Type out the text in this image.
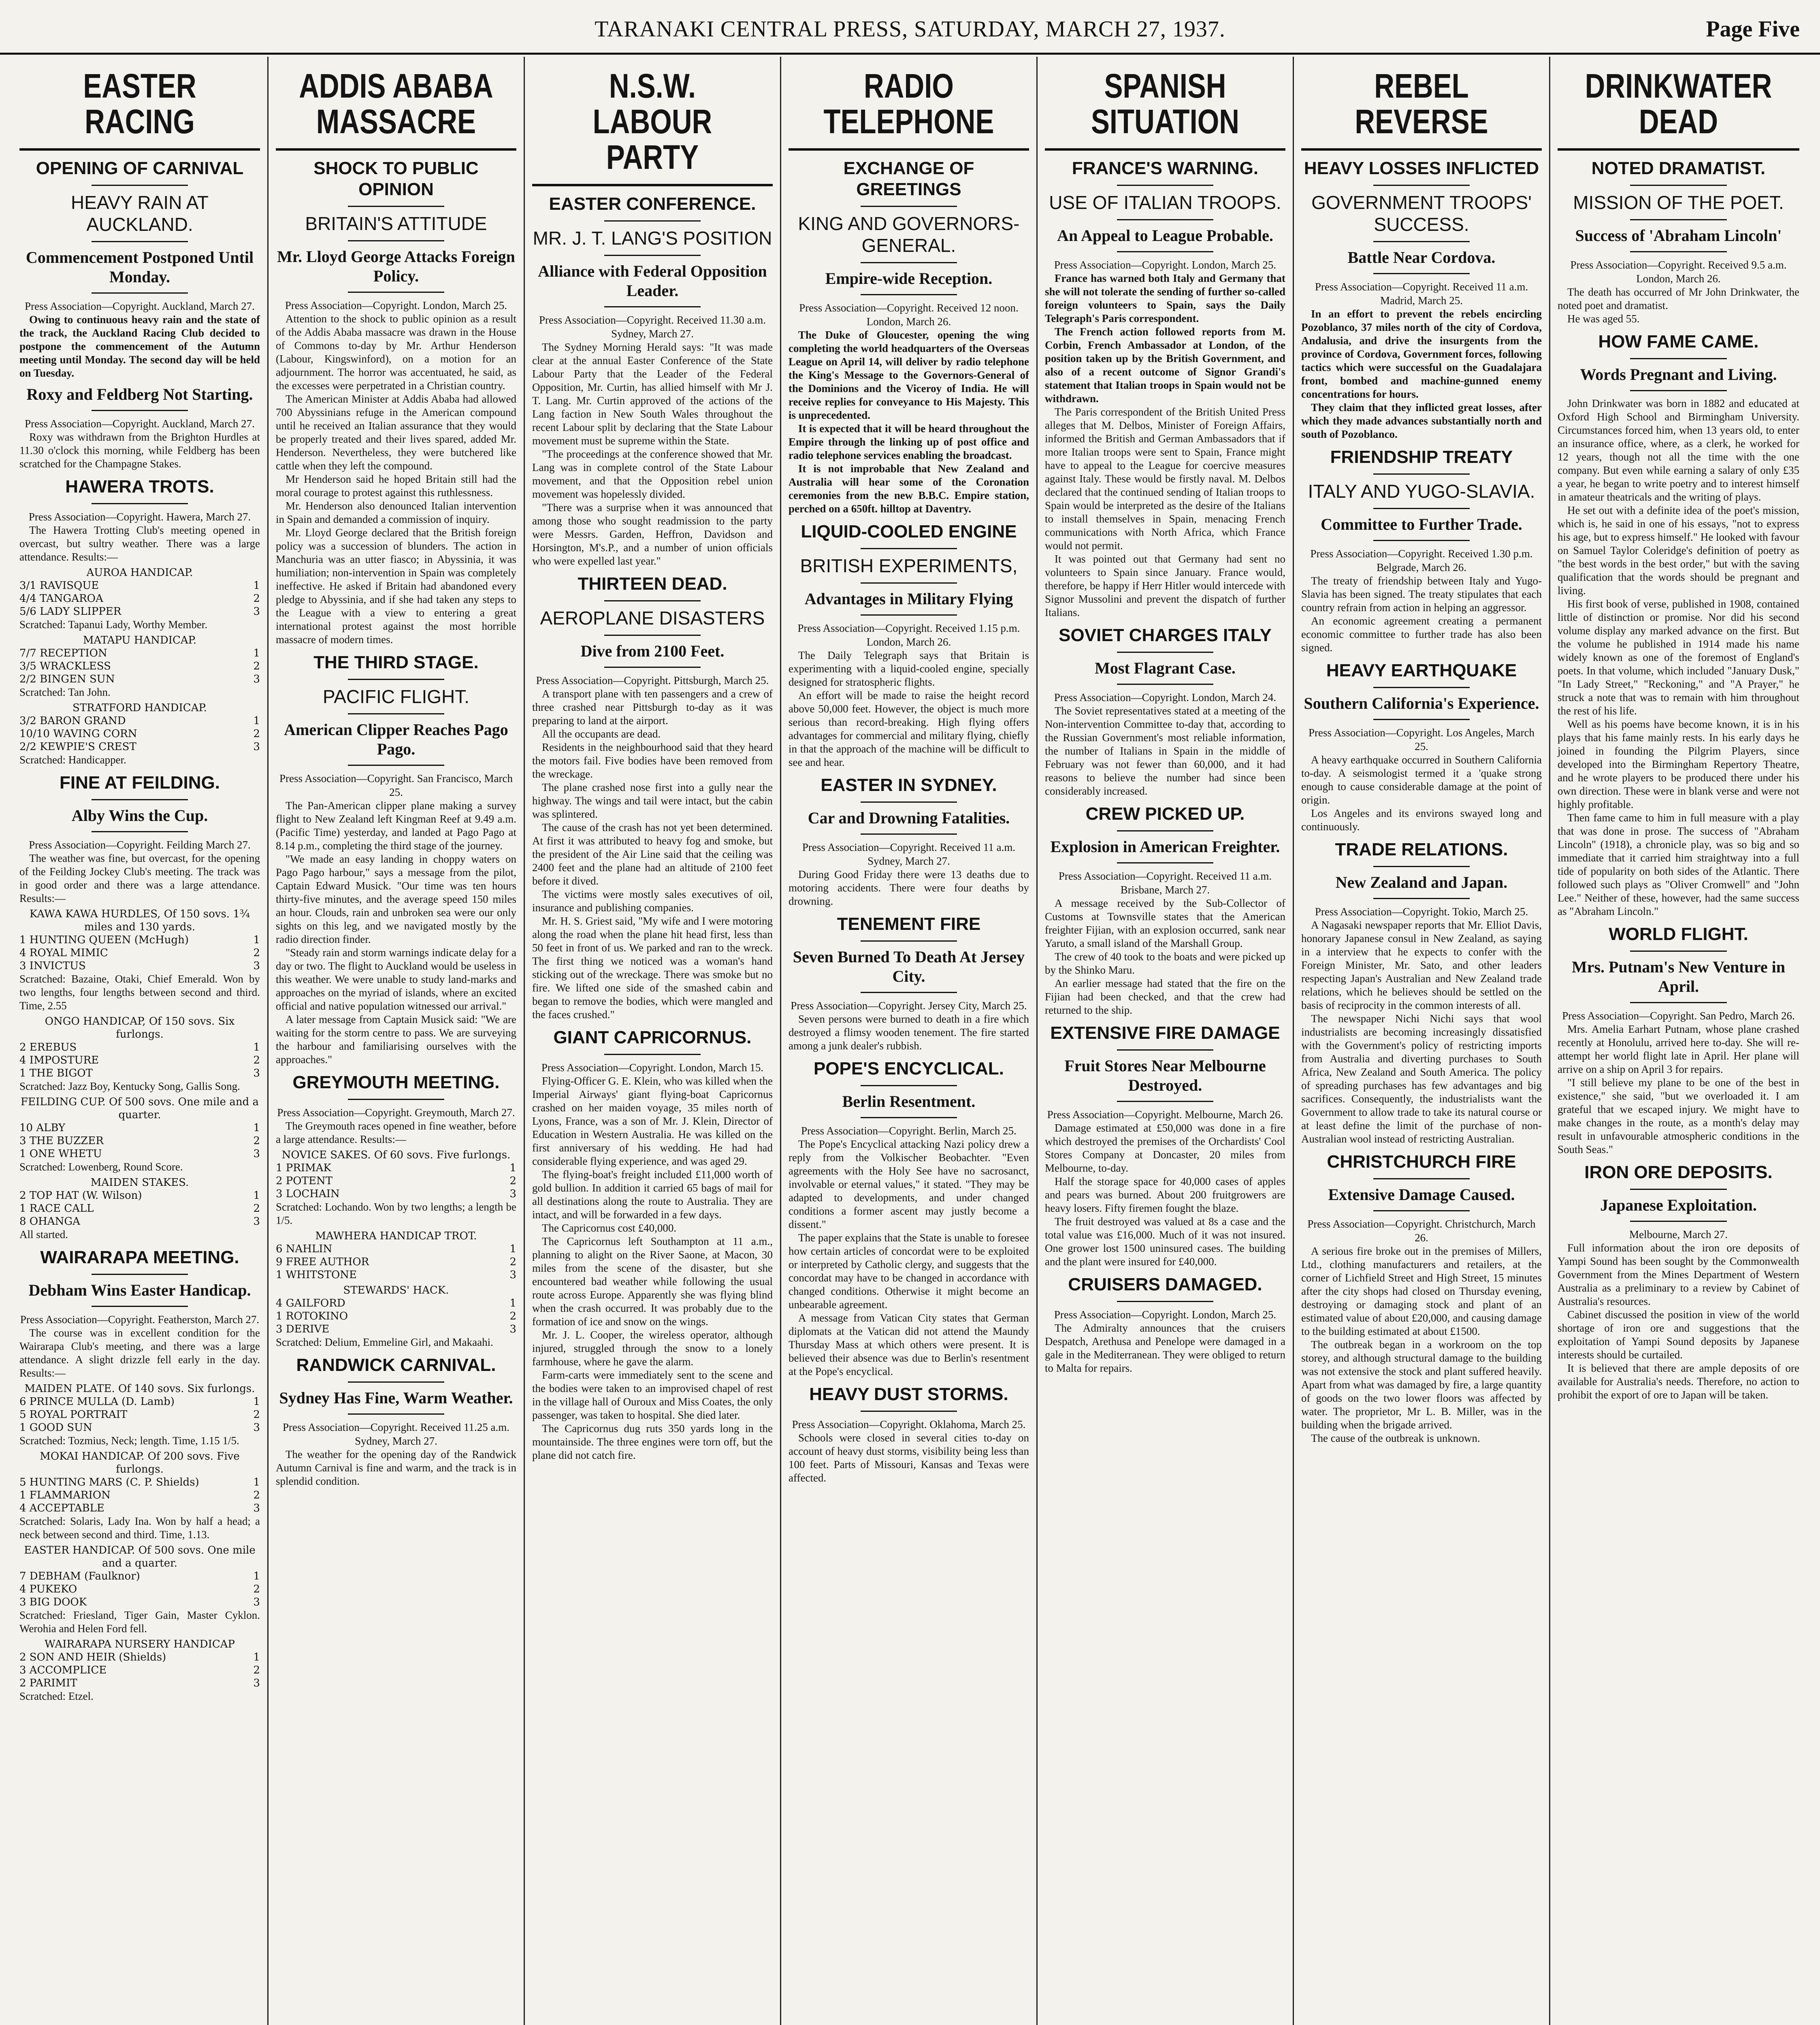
TARANAKI CENTRAL PRESS, SATURDAY, MARCH 27, 1937.	Page Five
EASTER RACING
OPENING OF CARNIVAL
HEAVY RAIN AT AUCKLAND.
Commencement Postponed Until Monday.
Press Association—Copyright. Auckland, March 27.

Owing to continuous heavy rain and the state of the track, the Auckland Racing Club decided to postpone the commencement of the Autumn meeting until Monday. The second day will be held on Tuesday.

Roxy and Feldberg Not Starting.
Press Association—Copyright. Auckland, March 27.

Roxy was withdrawn from the Brighton Hurdles at 11.30 o'clock this morning, while Feldberg has been scratched for the Champagne Stakes.

HAWERA TROTS.
Press Association—Copyright. Hawera, March 27.

The Hawera Trotting Club's meeting opened in overcast, but sultry weather. There was a large attendance. Results:—

AUROA HANDICAP.
3/1 RAVISQUE	1
4/4 TANGAROA	2
5/6 LADY SLIPPER	3
Scratched: Tapanui Lady, Worthy Member.
MATAPU HANDICAP.
7/7 RECEPTION	1
3/5 WRACKLESS	2
2/2 BINGEN SUN	3
Scratched: Tan John.
STRATFORD HANDICAP.
3/2 BARON GRAND	1
10/10 WAVING CORN	2
2/2 KEWPIE'S CREST	3
Scratched: Handicapper.
FINE AT FEILDING.
Alby Wins the Cup.
Press Association—Copyright. Feilding March 27.

The weather was fine, but overcast, for the opening of the Feilding Jockey Club's meeting. The track was in good order and there was a large attendance. Results:—

KAWA KAWA HURDLES, Of 150 sovs. 1¾ miles and 130 yards.
1 HUNTING QUEEN (McHugh)	1
4 ROYAL MIMIC	2
3 INVICTUS	3
Scratched: Bazaine, Otaki, Chief Emerald. Won by two lengths, four lengths between second and third. Time, 2.55
ONGO HANDICAP, Of 150 sovs. Six furlongs.
2 EREBUS	1
4 IMPOSTURE	2
1 THE BIGOT	3
Scratched: Jazz Boy, Kentucky Song, Gallis Song.
FEILDING CUP. Of 500 sovs. One mile and a quarter.
10 ALBY	1
3 THE BUZZER	2
1 ONE WHETU	3
Scratched: Lowenberg, Round Score.
MAIDEN STAKES.
2 TOP HAT (W. Wilson)	1
1 RACE CALL	2
8 OHANGA	3
All started.
WAIRARAPA MEETING.
Debham Wins Easter Handicap.
Press Association—Copyright. Featherston, March 27.

The course was in excellent condition for the Wairarapa Club's meeting, and there was a large attendance. A slight drizzle fell early in the day. Results:—

MAIDEN PLATE. Of 140 sovs. Six furlongs.
6 PRINCE MULLA (D. Lamb)	1
5 ROYAL PORTRAIT	2
1 GOOD SUN	3
Scratched: Tozmius, Neck; length. Time, 1.15 1/5.
MOKAI HANDICAP. Of 200 sovs. Five furlongs.
5 HUNTING MARS (C. P. Shields)	1
1 FLAMMARION	2
4 ACCEPTABLE	3
Scratched: Solaris, Lady Ina. Won by half a head; a neck between second and third. Time, 1.13.
EASTER HANDICAP. Of 500 sovs. One mile and a quarter.
7 DEBHAM (Faulknor)	1
4 PUKEKO	2
3 BIG DOOK	3
Scratched: Friesland, Tiger Gain, Master Cyklon. Werohia and Helen Ford fell.
WAIRARAPA NURSERY HANDICAP
2 SON AND HEIR (Shields)	1
3 ACCOMPLICE	2
2 PARIMIT	3
Scratched: Etzel.
ADDIS ABABA MASSACRE
SHOCK TO PUBLIC OPINION
BRITAIN'S ATTITUDE
Mr. Lloyd George Attacks Foreign Policy.
Press Association—Copyright. London, March 25.

Attention to the shock to public opinion as a result of the Addis Ababa massacre was drawn in the House of Commons to-day by Mr. Arthur Henderson (Labour, Kingswinford), on a motion for an adjournment. The horror was accentuated, he said, as the excesses were perpetrated in a Christian country.

The American Minister at Addis Ababa had allowed 700 Abyssinians refuge in the American compound until he received an Italian assurance that they would be properly treated and their lives spared, added Mr. Henderson. Nevertheless, they were butchered like cattle when they left the compound.

Mr Henderson said he hoped Britain still had the moral courage to protest against this ruthlessness.

Mr. Henderson also denounced Italian intervention in Spain and demanded a commission of inquiry.

Mr. Lloyd George declared that the British foreign policy was a succession of blunders. The action in Manchuria was an utter fiasco; in Abyssinia, it was humiliation; non-intervention in Spain was completely ineffective. He asked if Britain had abandoned every pledge to Abyssinia, and if she had taken any steps to the League with a view to entering a great international protest against the most horrible massacre of modern times.

THE THIRD STAGE.
PACIFIC FLIGHT.
American Clipper Reaches Pago Pago.
Press Association—Copyright. San Francisco, March 25.

The Pan-American clipper plane making a survey flight to New Zealand left Kingman Reef at 9.49 a.m. (Pacific Time) yesterday, and landed at Pago Pago at 8.14 p.m., completing the third stage of the journey.

"We made an easy landing in choppy waters on Pago Pago harbour," says a message from the pilot, Captain Edward Musick. "Our time was ten hours thirty-five minutes, and the average speed 150 miles an hour. Clouds, rain and unbroken sea were our only sights on this leg, and we navigated mostly by the radio direction finder.

"Steady rain and storm warnings indicate delay for a day or two. The flight to Auckland would be useless in this weather. We were unable to study land-marks and approaches on the myriad of islands, where an excited official and native population witnessed our arrival."

A later message from Captain Musick said: "We are waiting for the storm centre to pass. We are surveying the harbour and familiarising ourselves with the approaches."

GREYMOUTH MEETING.
Press Association—Copyright. Greymouth, March 27.

The Greymouth races opened in fine weather, before a large attendance. Results:—

NOVICE SAKES. Of 60 sovs. Five furlongs.
1 PRIMAK	1
2 POTENT	2
3 LOCHAIN	3
Scratched: Lochando. Won by two lengths; a length be 1/5.
MAWHERA HANDICAP TROT.
6 NAHLIN	1
9 FREE AUTHOR	2
1 WHITSTONE	3
STEWARDS' HACK.
4 GAILFORD	1
1 ROTOKINO	2
3 DERIVE	3
Scratched: Delium, Emmeline Girl, and Makaahi.
RANDWICK CARNIVAL.
Sydney Has Fine, Warm Weather.
Press Association—Copyright. Received 11.25 a.m. Sydney, March 27.

The weather for the opening day of the Randwick Autumn Carnival is fine and warm, and the track is in splendid condition.

N.S.W. LABOUR PARTY
EASTER CONFERENCE.
MR. J. T. LANG'S POSITION
Alliance with Federal Opposition Leader.
Press Association—Copyright. Received 11.30 a.m. Sydney, March 27.

The Sydney Morning Herald says: "It was made clear at the annual Easter Conference of the State Labour Party that the Leader of the Federal Opposition, Mr. Curtin, has allied himself with Mr J. T. Lang. Mr. Curtin approved of the actions of the Lang faction in New South Wales throughout the recent Labour split by declaring that the State Labour movement must be supreme within the State.

"The proceedings at the conference showed that Mr. Lang was in complete control of the State Labour movement, and that the Opposition rebel union movement was hopelessly divided.

"There was a surprise when it was announced that among those who sought readmission to the party were Messrs. Garden, Heffron, Davidson and Horsington, M's.P., and a number of union officials who were expelled last year."

THIRTEEN DEAD.
AEROPLANE DISASTERS
Dive from 2100 Feet.
Press Association—Copyright. Pittsburgh, March 25.

A transport plane with ten passengers and a crew of three crashed near Pittsburgh to-day as it was preparing to land at the airport.

All the occupants are dead.

Residents in the neighbourhood said that they heard the motors fail. Five bodies have been removed from the wreckage.

The plane crashed nose first into a gully near the highway. The wings and tail were intact, but the cabin was splintered.

The cause of the crash has not yet been determined. At first it was attributed to heavy fog and smoke, but the president of the Air Line said that the ceiling was 2400 feet and the plane had an altitude of 2100 feet before it dived.

The victims were mostly sales executives of oil, insurance and publishing companies.

Mr. H. S. Griest said, "My wife and I were motoring along the road when the plane hit head first, less than 50 feet in front of us. We parked and ran to the wreck. The first thing we noticed was a woman's hand sticking out of the wreckage. There was smoke but no fire. We lifted one side of the smashed cabin and began to remove the bodies, which were mangled and the faces crushed."

GIANT CAPRICORNUS.
Press Association—Copyright. London, March 15.

Flying-Officer G. E. Klein, who was killed when the Imperial Airways' giant flying-boat Capricornus crashed on her maiden voyage, 35 miles north of Lyons, France, was a son of Mr. J. Klein, Director of Education in Western Australia. He was killed on the first anniversary of his wedding. He had had considerable flying experience, and was aged 29.

The flying-boat's freight included £11,000 worth of gold bullion. In addition it carried 65 bags of mail for all destinations along the route to Australia. They are intact, and will be forwarded in a few days.

The Capricornus cost £40,000.

The Capricornus left Southampton at 11 a.m., planning to alight on the River Saone, at Macon, 30 miles from the scene of the disaster, but she encountered bad weather while following the usual route across Europe. Apparently she was flying blind when the crash occurred. It was probably due to the formation of ice and snow on the wings.

Mr. J. L. Cooper, the wireless operator, although injured, struggled through the snow to a lonely farmhouse, where he gave the alarm.

Farm-carts were immediately sent to the scene and the bodies were taken to an improvised chapel of rest in the village hall of Ouroux and Miss Coates, the only passenger, was taken to hospital. She died later.

The Capricornus dug ruts 350 yards long in the mountainside. The three engines were torn off, but the plane did not catch fire.

RADIO TELEPHONE
EXCHANGE OF GREETINGS
KING AND GOVERNORS-GENERAL.
Empire-wide Reception.
Press Association—Copyright. Received 12 noon. London, March 26.

The Duke of Gloucester, opening the wing completing the world headquarters of the Overseas League on April 14, will deliver by radio telephone the King's Message to the Governors-General of the Dominions and the Viceroy of India. He will receive replies for conveyance to His Majesty. This is unprecedented.

It is expected that it will be heard throughout the Empire through the linking up of post office and radio telephone services enabling the broadcast.

It is not improbable that New Zealand and Australia will hear some of the Coronation ceremonies from the new B.B.C. Empire station, perched on a 650ft. hilltop at Daventry.

LIQUID-COOLED ENGINE
BRITISH EXPERIMENTS,
Advantages in Military Flying
Press Association—Copyright. Received 1.15 p.m. London, March 26.

The Daily Telegraph says that Britain is experimenting with a liquid-cooled engine, specially designed for stratospheric flights.

An effort will be made to raise the height record above 50,000 feet. However, the object is much more serious than record-breaking. High flying offers advantages for commercial and military flying, chiefly in that the approach of the machine will be difficult to see and hear.

EASTER IN SYDNEY.
Car and Drowning Fatalities.
Press Association—Copyright. Received 11 a.m. Sydney, March 27.

During Good Friday there were 13 deaths due to motoring accidents. There were four deaths by drowning.

TENEMENT FIRE
Seven Burned To Death At Jersey City.
Press Association—Copyright. Jersey City, March 25.

Seven persons were burned to death in a fire which destroyed a flimsy wooden tenement. The fire started among a junk dealer's rubbish.

POPE'S ENCYCLICAL.
Berlin Resentment.
Press Association—Copyright. Berlin, March 25.

The Pope's Encyclical attacking Nazi policy drew a reply from the Volkischer Beobachter. "Even agreements with the Holy See have no sacrosanct, involvable or eternal values," it stated. "They may be adapted to developments, and under changed conditions a former ascent may justly become a dissent."

The paper explains that the State is unable to foresee how certain articles of concordat were to be exploited or interpreted by Catholic clergy, and suggests that the concordat may have to be changed in accordance with changed conditions. Otherwise it might become an unbearable agreement.

A message from Vatican City states that German diplomats at the Vatican did not attend the Maundy Thursday Mass at which others were present. It is believed their absence was due to Berlin's resentment at the Pope's encyclical.

HEAVY DUST STORMS.
Press Association—Copyright. Oklahoma, March 25.

Schools were closed in several cities to-day on account of heavy dust storms, visibility being less than 100 feet. Parts of Missouri, Kansas and Texas were affected.

SPANISH SITUATION
FRANCE'S WARNING.
USE OF ITALIAN TROOPS.
An Appeal to League Probable.
Press Association—Copyright. London, March 25.

France has warned both Italy and Germany that she will not tolerate the sending of further so-called foreign volunteers to Spain, says the Daily Telegraph's Paris correspondent.

The French action followed reports from M. Corbin, French Ambassador at London, of the position taken up by the British Government, and also of a recent outcome of Signor Grandi's statement that Italian troops in Spain would not be withdrawn.

The Paris correspondent of the British United Press alleges that M. Delbos, Minister of Foreign Affairs, informed the British and German Ambassadors that if more Italian troops were sent to Spain, France might have to appeal to the League for coercive measures against Italy. These would be firstly naval. M. Delbos declared that the continued sending of Italian troops to Spain would be interpreted as the desire of the Italians to install themselves in Spain, menacing French communications with North Africa, which France would not permit.

It was pointed out that Germany had sent no volunteers to Spain since January. France would, therefore, be happy if Herr Hitler would intercede with Signor Mussolini and prevent the dispatch of further Italians.

SOVIET CHARGES ITALY
Most Flagrant Case.
Press Association—Copyright. London, March 24.

The Soviet representatives stated at a meeting of the Non-intervention Committee to-day that, according to the Russian Government's most reliable information, the number of Italians in Spain in the middle of February was not fewer than 60,000, and it had reasons to believe the number had since been considerably increased.

CREW PICKED UP.
Explosion in American Freighter.
Press Association—Copyright. Received 11 a.m. Brisbane, March 27.

A message received by the Sub-Collector of Customs at Townsville states that the American freighter Fijian, with an explosion occurred, sank near Yaruto, a small island of the Marshall Group.

The crew of 40 took to the boats and were picked up by the Shinko Maru.

An earlier message had stated that the fire on the Fijian had been checked, and that the crew had returned to the ship.

EXTENSIVE FIRE DAMAGE
Fruit Stores Near Melbourne Destroyed.
Press Association—Copyright. Melbourne, March 26.

Damage estimated at £50,000 was done in a fire which destroyed the premises of the Orchardists' Cool Stores Company at Doncaster, 20 miles from Melbourne, to-day.

Half the storage space for 40,000 cases of apples and pears was burned. About 200 fruitgrowers are heavy losers. Fifty firemen fought the blaze.

The fruit destroyed was valued at 8s a case and the total value was £16,000. Much of it was not insured. One grower lost 1500 uninsured cases. The building and the plant were insured for £40,000.

CRUISERS DAMAGED.
Press Association—Copyright. London, March 25.

The Admiralty announces that the cruisers Despatch, Arethusa and Penelope were damaged in a gale in the Mediterranean. They were obliged to return to Malta for repairs.

REBEL REVERSE
HEAVY LOSSES INFLICTED
GOVERNMENT TROOPS' SUCCESS.
Battle Near Cordova.
Press Association—Copyright. Received 11 a.m. Madrid, March 25.

In an effort to prevent the rebels encircling Pozoblanco, 37 miles north of the city of Cordova, Andalusia, and drive the insurgents from the province of Cordova, Government forces, following tactics which were successful on the Guadalajara front, bombed and machine-gunned enemy concentrations for hours.

They claim that they inflicted great losses, after which they made advances substantially north and south of Pozoblanco.

FRIENDSHIP TREATY
ITALY AND YUGO-SLAVIA.
Committee to Further Trade.
Press Association—Copyright. Received 1.30 p.m. Belgrade, March 26.

The treaty of friendship between Italy and Yugo-Slavia has been signed. The treaty stipulates that each country refrain from action in helping an aggressor.

An economic agreement creating a permanent economic committee to further trade has also been signed.

HEAVY EARTHQUAKE
Southern California's Experience.
Press Association—Copyright. Los Angeles, March 25.

A heavy earthquake occurred in Southern California to-day. A seismologist termed it a 'quake strong enough to cause considerable damage at the point of origin.

Los Angeles and its environs swayed long and continuously.

TRADE RELATIONS.
New Zealand and Japan.
Press Association—Copyright. Tokio, March 25.

A Nagasaki newspaper reports that Mr. Elliot Davis, honorary Japanese consul in New Zealand, as saying in a interview that he expects to confer with the Foreign Minister, Mr. Sato, and other leaders respecting Japan's Australian and New Zealand trade relations, which he believes should be settled on the basis of reciprocity in the common interests of all.

The newspaper Nichi Nichi says that wool industrialists are becoming increasingly dissatisfied with the Government's policy of restricting imports from Australia and diverting purchases to South Africa, New Zealand and South America. The policy of spreading purchases has few advantages and big sacrifices. Consequently, the industrialists want the Government to allow trade to take its natural course or at least define the limit of the purchase of non-Australian wool instead of restricting Australian.

CHRISTCHURCH FIRE
Extensive Damage Caused.
Press Association—Copyright. Christchurch, March 26.

A serious fire broke out in the premises of Millers, Ltd., clothing manufacturers and retailers, at the corner of Lichfield Street and High Street, 15 minutes after the city shops had closed on Thursday evening, destroying or damaging stock and plant of an estimated value of about £20,000, and causing damage to the building estimated at about £1500.

The outbreak began in a workroom on the top storey, and although structural damage to the building was not extensive the stock and plant suffered heavily. Apart from what was damaged by fire, a large quantity of goods on the two lower floors was affected by water. The proprietor, Mr L. B. Miller, was in the building when the brigade arrived.

The cause of the outbreak is unknown.

DRINKWATER DEAD
NOTED DRAMATIST.
MISSION OF THE POET.
Success of 'Abraham Lincoln'
Press Association—Copyright. Received 9.5 a.m. London, March 26.

The death has occurred of Mr John Drinkwater, the noted poet and dramatist.

He was aged 55.

HOW FAME CAME.
Words Pregnant and Living.

John Drinkwater was born in 1882 and educated at Oxford High School and Birmingham University. Circumstances forced him, when 13 years old, to enter an insurance office, where, as a clerk, he worked for 12 years, though not all the time with the one company. But even while earning a salary of only £35 a year, he began to write poetry and to interest himself in amateur theatricals and the writing of plays.

He set out with a definite idea of the poet's mission, which is, he said in one of his essays, "not to express his age, but to express himself." He looked with favour on Samuel Taylor Coleridge's definition of poetry as "the best words in the best order," but with the saving qualification that the words should be pregnant and living.

His first book of verse, published in 1908, contained little of distinction or promise. Nor did his second volume display any marked advance on the first. But the volume he published in 1914 made his name widely known as one of the foremost of England's poets. In that volume, which included "January Dusk," "In Lady Street," "Reckoning," and "A Prayer," he struck a note that was to remain with him throughout the rest of his life.

Well as his poems have become known, it is in his plays that his fame mainly rests. In his early days he joined in founding the Pilgrim Players, since developed into the Birmingham Repertory Theatre, and he wrote players to be produced there under his own direction. These were in blank verse and were not highly profitable.

Then fame came to him in full measure with a play that was done in prose. The success of "Abraham Lincoln" (1918), a chronicle play, was so big and so immediate that it carried him straightway into a full tide of popularity on both sides of the Atlantic. There followed such plays as "Oliver Cromwell" and "John Lee." Neither of these, however, had the same success as "Abraham Lincoln."

WORLD FLIGHT.
Mrs. Putnam's New Venture in April.
Press Association—Copyright. San Pedro, March 26.

Mrs. Amelia Earhart Putnam, whose plane crashed recently at Honolulu, arrived here to-day. She will re-attempt her world flight late in April. Her plane will arrive on a ship on April 3 for repairs.

"I still believe my plane to be one of the best in existence," she said, "but we overloaded it. I am grateful that we escaped injury. We might have to make changes in the route, as a month's delay may result in unfavourable atmospheric conditions in the South Seas."

IRON ORE DEPOSITS.
Japanese Exploitation.
Melbourne, March 27.

Full information about the iron ore deposits of Yampi Sound has been sought by the Commonwealth Government from the Mines Department of Western Australia as a preliminary to a review by Cabinet of Australia's resources.

Cabinet discussed the position in view of the world shortage of iron ore and suggestions that the exploitation of Yampi Sound deposits by Japanese interests should be curtailed.

It is believed that there are ample deposits of ore available for Australia's needs. Therefore, no action to prohibit the export of ore to Japan will be taken.
